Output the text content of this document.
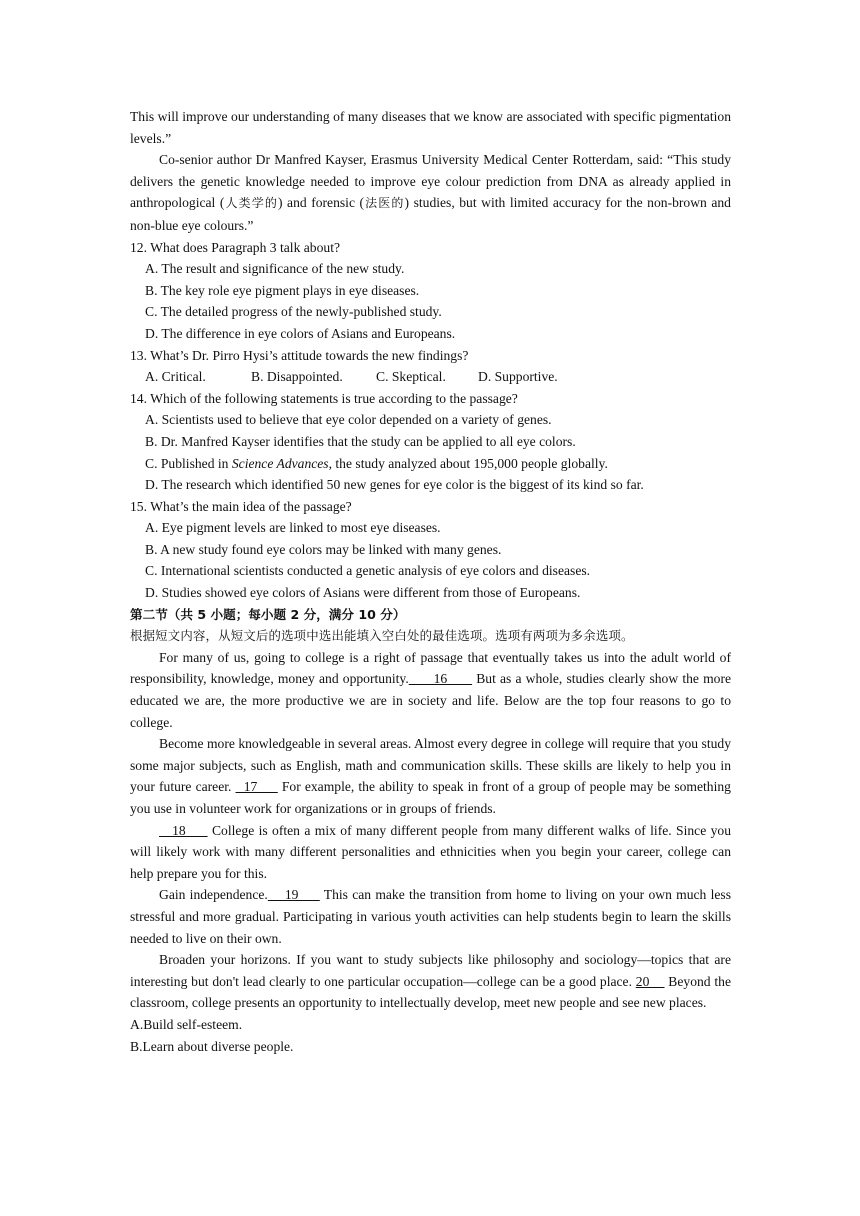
This will improve our understanding of many diseases that we know are associated with specific pigmentation levels.”

Co-senior author Dr Manfred Kayser, Erasmus University Medical Center Rotterdam, said: “This study delivers the genetic knowledge needed to improve eye colour prediction from DNA as already applied in anthropological (人类学的) and forensic (法医的) studies, but with limited accuracy for the non-brown and non-blue eye colours.”

12. What does Paragraph 3 talk about?

A. The result and significance of the new study.

B. The key role eye pigment plays in eye diseases.

C. The detailed progress of the newly-published study.

D. The difference in eye colors of Asians and Europeans.

13. What’s Dr. Pirro Hysi’s attitude towards the new findings?

A. Critical.	B. Disappointed. C. Skeptical. D. Supportive.

14. Which of the following statements is true according to the passage?

A. Scientists used to believe that eye color depended on a variety of genes.

B. Dr. Manfred Kayser identifies that the study can be applied to all eye colors.

C. Published in Science Advances, the study analyzed about 195,000 people globally.

D. The research which identified 50 new genes for eye color is the biggest of its kind so far.

15. What’s the main idea of the passage?

A. Eye pigment levels are linked to most eye diseases.

B. A new study found eye colors may be linked with many genes.

C. International scientists conducted a genetic analysis of eye colors and diseases.

D. Studies showed eye colors of Asians were different from those of Europeans.

第二节（共 5 小题；每小题 2 分，满分 10 分）

根据短文内容，从短文后的选项中选出能填入空白处的最佳选项。选项有两项为多余选项。

For many of us, going to college is a right of passage that eventually takes us into the adult world of responsibility, knowledge, money and opportunity.      16       But as a whole, studies clearly show the more educated we are, the more productive we are in society and life. Below are the top four reasons to go to college.

Become more knowledgeable in several areas. Almost every degree in college will require that you study some major subjects, such as English, math and communication skills. These skills are likely to help you in your future career.   17      For example, the ability to speak in front of a group of people may be something you use in volunteer work for organizations or in groups of friends.

18      College is often a mix of many different people from many different walks of life. Since you will likely work with many different personalities and ethnicities when you begin your career, college can help prepare you for this.

Gain independence.    19      This can make the transition from home to living on your own much less stressful and more gradual. Participating in various youth activities can help students begin to learn the skills needed to live on their own.

Broaden your horizons. If you want to study subjects like philosophy and sociology—topics that are interesting but don't lead clearly to one particular occupation—college can be a good place. 20     Beyond the classroom, college presents an opportunity to intellectually develop, meet new people and see new places.

A.Build self-esteem.

B.Learn about diverse people.
